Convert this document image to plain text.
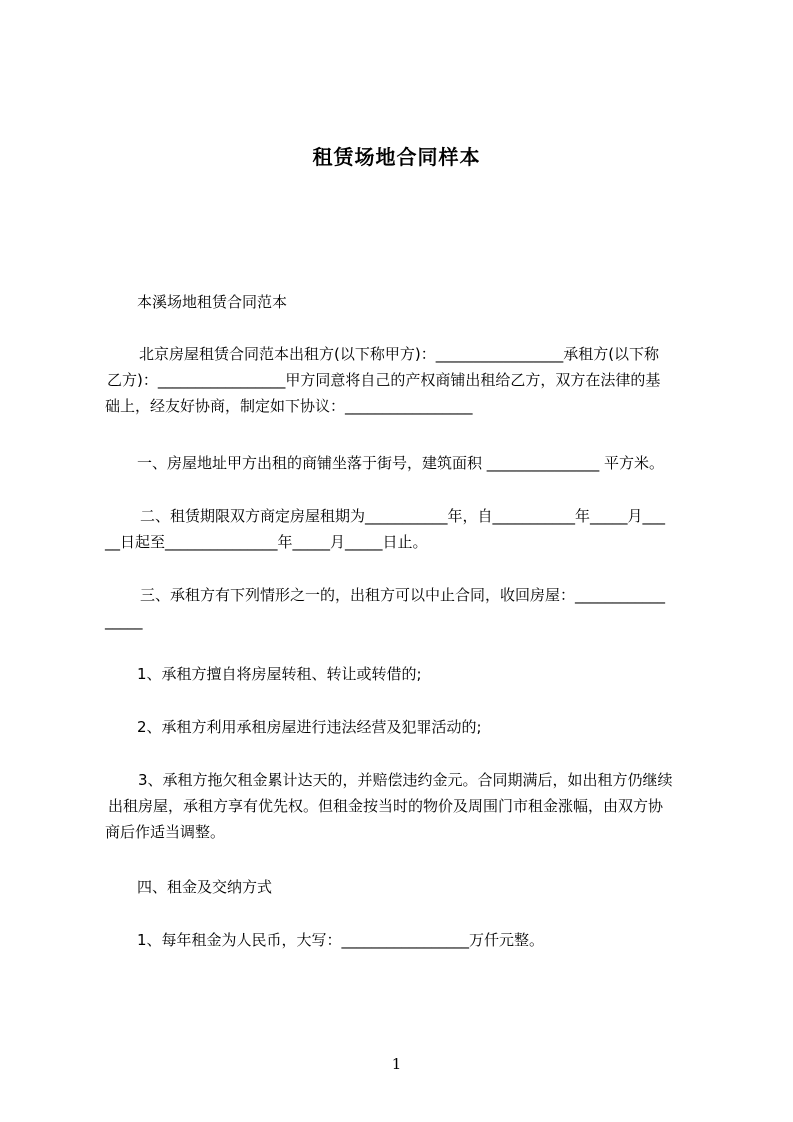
租赁场地合同样本

本溪场地租赁合同范本

北京房屋租赁合同范本出租方(以下称甲方)：_________________承租方(以下称
乙方)：_________________甲方同意将自己的产权商铺出租给乙方，双方在法律的基
础上，经友好协商，制定如下协议：_________________

一、房屋地址甲方出租的商铺坐落于街号，建筑面积 _______________ 平方米。

二、租赁期限双方商定房屋租期为___________年，自___________年_____月___
__日起至_______________年_____月_____日止。
三、承租方有下列情形之一的，出租方可以中止合同，收回房屋：____________
_____

1、承租方擅自将房屋转租、转让或转借的;

2、承租方利用承租房屋进行违法经营及犯罪活动的;

3、承租方拖欠租金累计达天的，并赔偿违约金元。合同期满后，如出租方仍继续
出租房屋，承租方享有优先权。但租金按当时的物价及周围门市租金涨幅，由双方协
商后作适当调整。

四、租金及交纳方式

1、每年租金为人民币，大写：_________________万仟元整。

1
